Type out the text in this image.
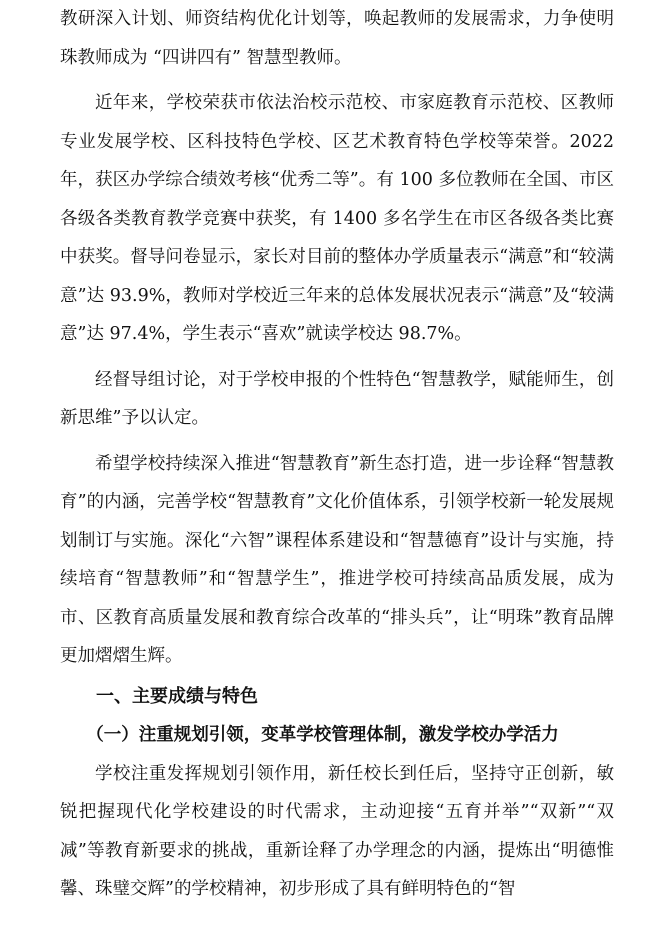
教研深入计划、师资结构优化计划等，唤起教师的发展需求，力争使明珠教师成为 “四讲四有” 智慧型教师。

近年来，学校荣获市依法治校示范校、市家庭教育示范校、区教师专业发展学校、区科技特色学校、区艺术教育特色学校等荣誉。2022年，获区办学综合绩效考核“优秀二等”。有 100 多位教师在全国、市区各级各类教育教学竞赛中获奖，有 1400 多名学生在市区各级各类比赛中获奖。督导问卷显示，家长对目前的整体办学质量表示“满意”和“较满意”达 93.9%，教师对学校近三年来的总体发展状况表示“满意”及“较满意”达 97.4%，学生表示“喜欢”就读学校达 98.7%。

经督导组讨论，对于学校申报的个性特色“智慧教学，赋能师生，创新思维”予以认定。

希望学校持续深入推进“智慧教育”新生态打造，进一步诠释“智慧教育”的内涵，完善学校“智慧教育”文化价值体系，引领学校新一轮发展规划制订与实施。深化“六智”课程体系建设和“智慧德育”设计与实施，持续培育“智慧教师”和“智慧学生”，推进学校可持续高品质发展，成为市、区教育高质量发展和教育综合改革的“排头兵”，让“明珠”教育品牌更加熠熠生辉。

一、主要成绩与特色

（一）注重规划引领，变革学校管理体制，激发学校办学活力

学校注重发挥规划引领作用，新任校长到任后，坚持守正创新，敏锐把握现代化学校建设的时代需求，主动迎接“五育并举”“双新”“双减”等教育新要求的挑战，重新诠释了办学理念的内涵，提炼出“明德惟馨、珠璧交辉”的学校精神，初步形成了具有鲜明特色的“智
